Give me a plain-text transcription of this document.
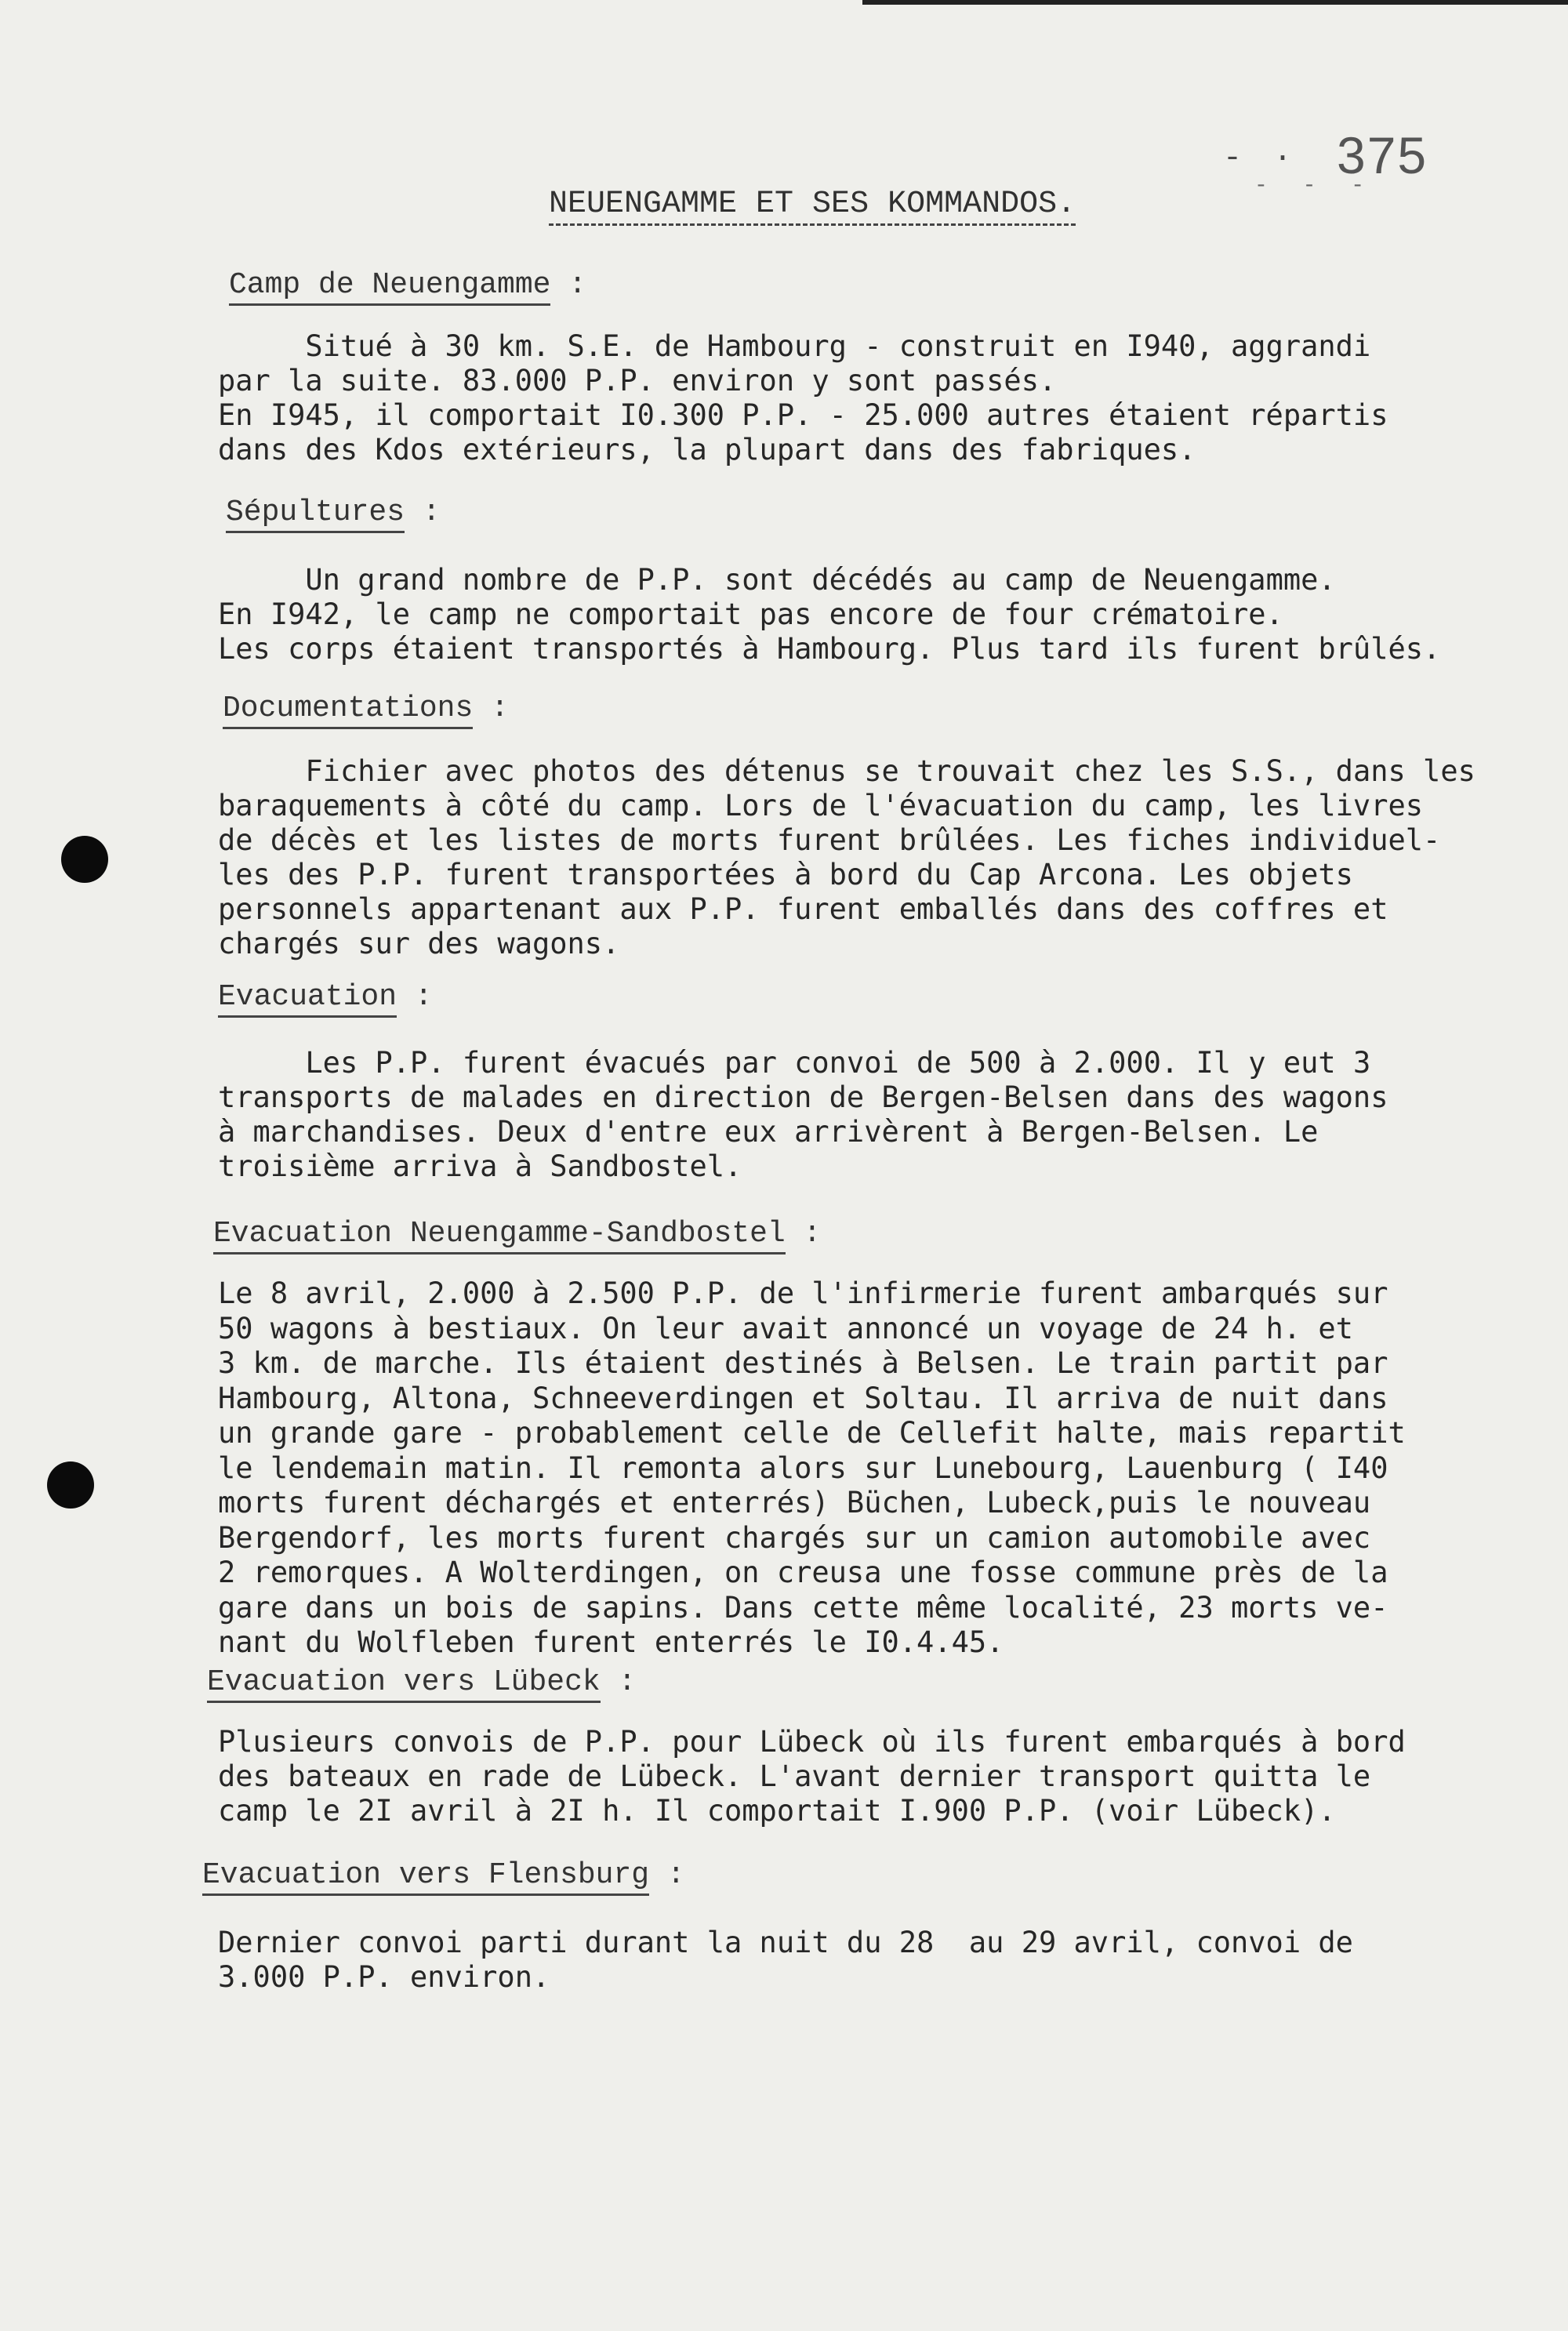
- ·
- - -
375
NEUENGAMME ET SES KOMMANDOS.
Camp de Neuengamme :
Situé à 30 km. S.E. de Hambourg - construit en I940, aggrandi
par la suite. 83.000 P.P. environ y sont passés.
En I945, il comportait I0.300 P.P. - 25.000 autres étaient répartis
dans des Kdos extérieurs, la plupart dans des fabriques.
Sépultures :
Un grand nombre de P.P. sont décédés au camp de Neuengamme.
En I942, le camp ne comportait pas encore de four crématoire.
Les corps étaient transportés à Hambourg. Plus tard ils furent brûlés.
Documentations :
Fichier avec photos des détenus se trouvait chez les S.S., dans les
baraquements à côté du camp. Lors de l'évacuation du camp, les livres
de décès et les listes de morts furent brûlées. Les fiches individuel-
les des P.P. furent transportées à bord du Cap Arcona. Les objets
personnels appartenant aux P.P. furent emballés dans des coffres et
chargés sur des wagons.
Evacuation :
Les P.P. furent évacués par convoi de 500 à 2.000. Il y eut 3
transports de malades en direction de Bergen-Belsen dans des wagons
à marchandises. Deux d'entre eux arrivèrent à Bergen-Belsen. Le
troisième arriva à Sandbostel.
Evacuation Neuengamme-Sandbostel :
Le 8 avril, 2.000 à 2.500 P.P. de l'infirmerie furent ambarqués sur
50 wagons à bestiaux. On leur avait annoncé un voyage de 24 h. et
3 km. de marche. Ils étaient destinés à Belsen. Le train partit par
Hambourg, Altona, Schneeverdingen et Soltau. Il arriva de nuit dans
un grande gare - probablement celle de Cellefit halte, mais repartit
le lendemain matin. Il remonta alors sur Lunebourg, Lauenburg ( I40
morts furent déchargés et enterrés) Büchen, Lubeck,puis le nouveau
Bergendorf, les morts furent chargés sur un camion automobile avec
2 remorques. A Wolterdingen, on creusa une fosse commune près de la
gare dans un bois de sapins. Dans cette même localité, 23 morts ve-
nant du Wolfleben furent enterrés le I0.4.45.
Evacuation vers Lübeck :
Plusieurs convois de P.P. pour Lübeck où ils furent embarqués à bord
des bateaux en rade de Lübeck. L'avant dernier transport quitta le
camp le 2I avril à 2I h. Il comportait I.900 P.P. (voir Lübeck).
Evacuation vers Flensburg :
Dernier convoi parti durant la nuit du 28  au 29 avril, convoi de
3.000 P.P. environ.
